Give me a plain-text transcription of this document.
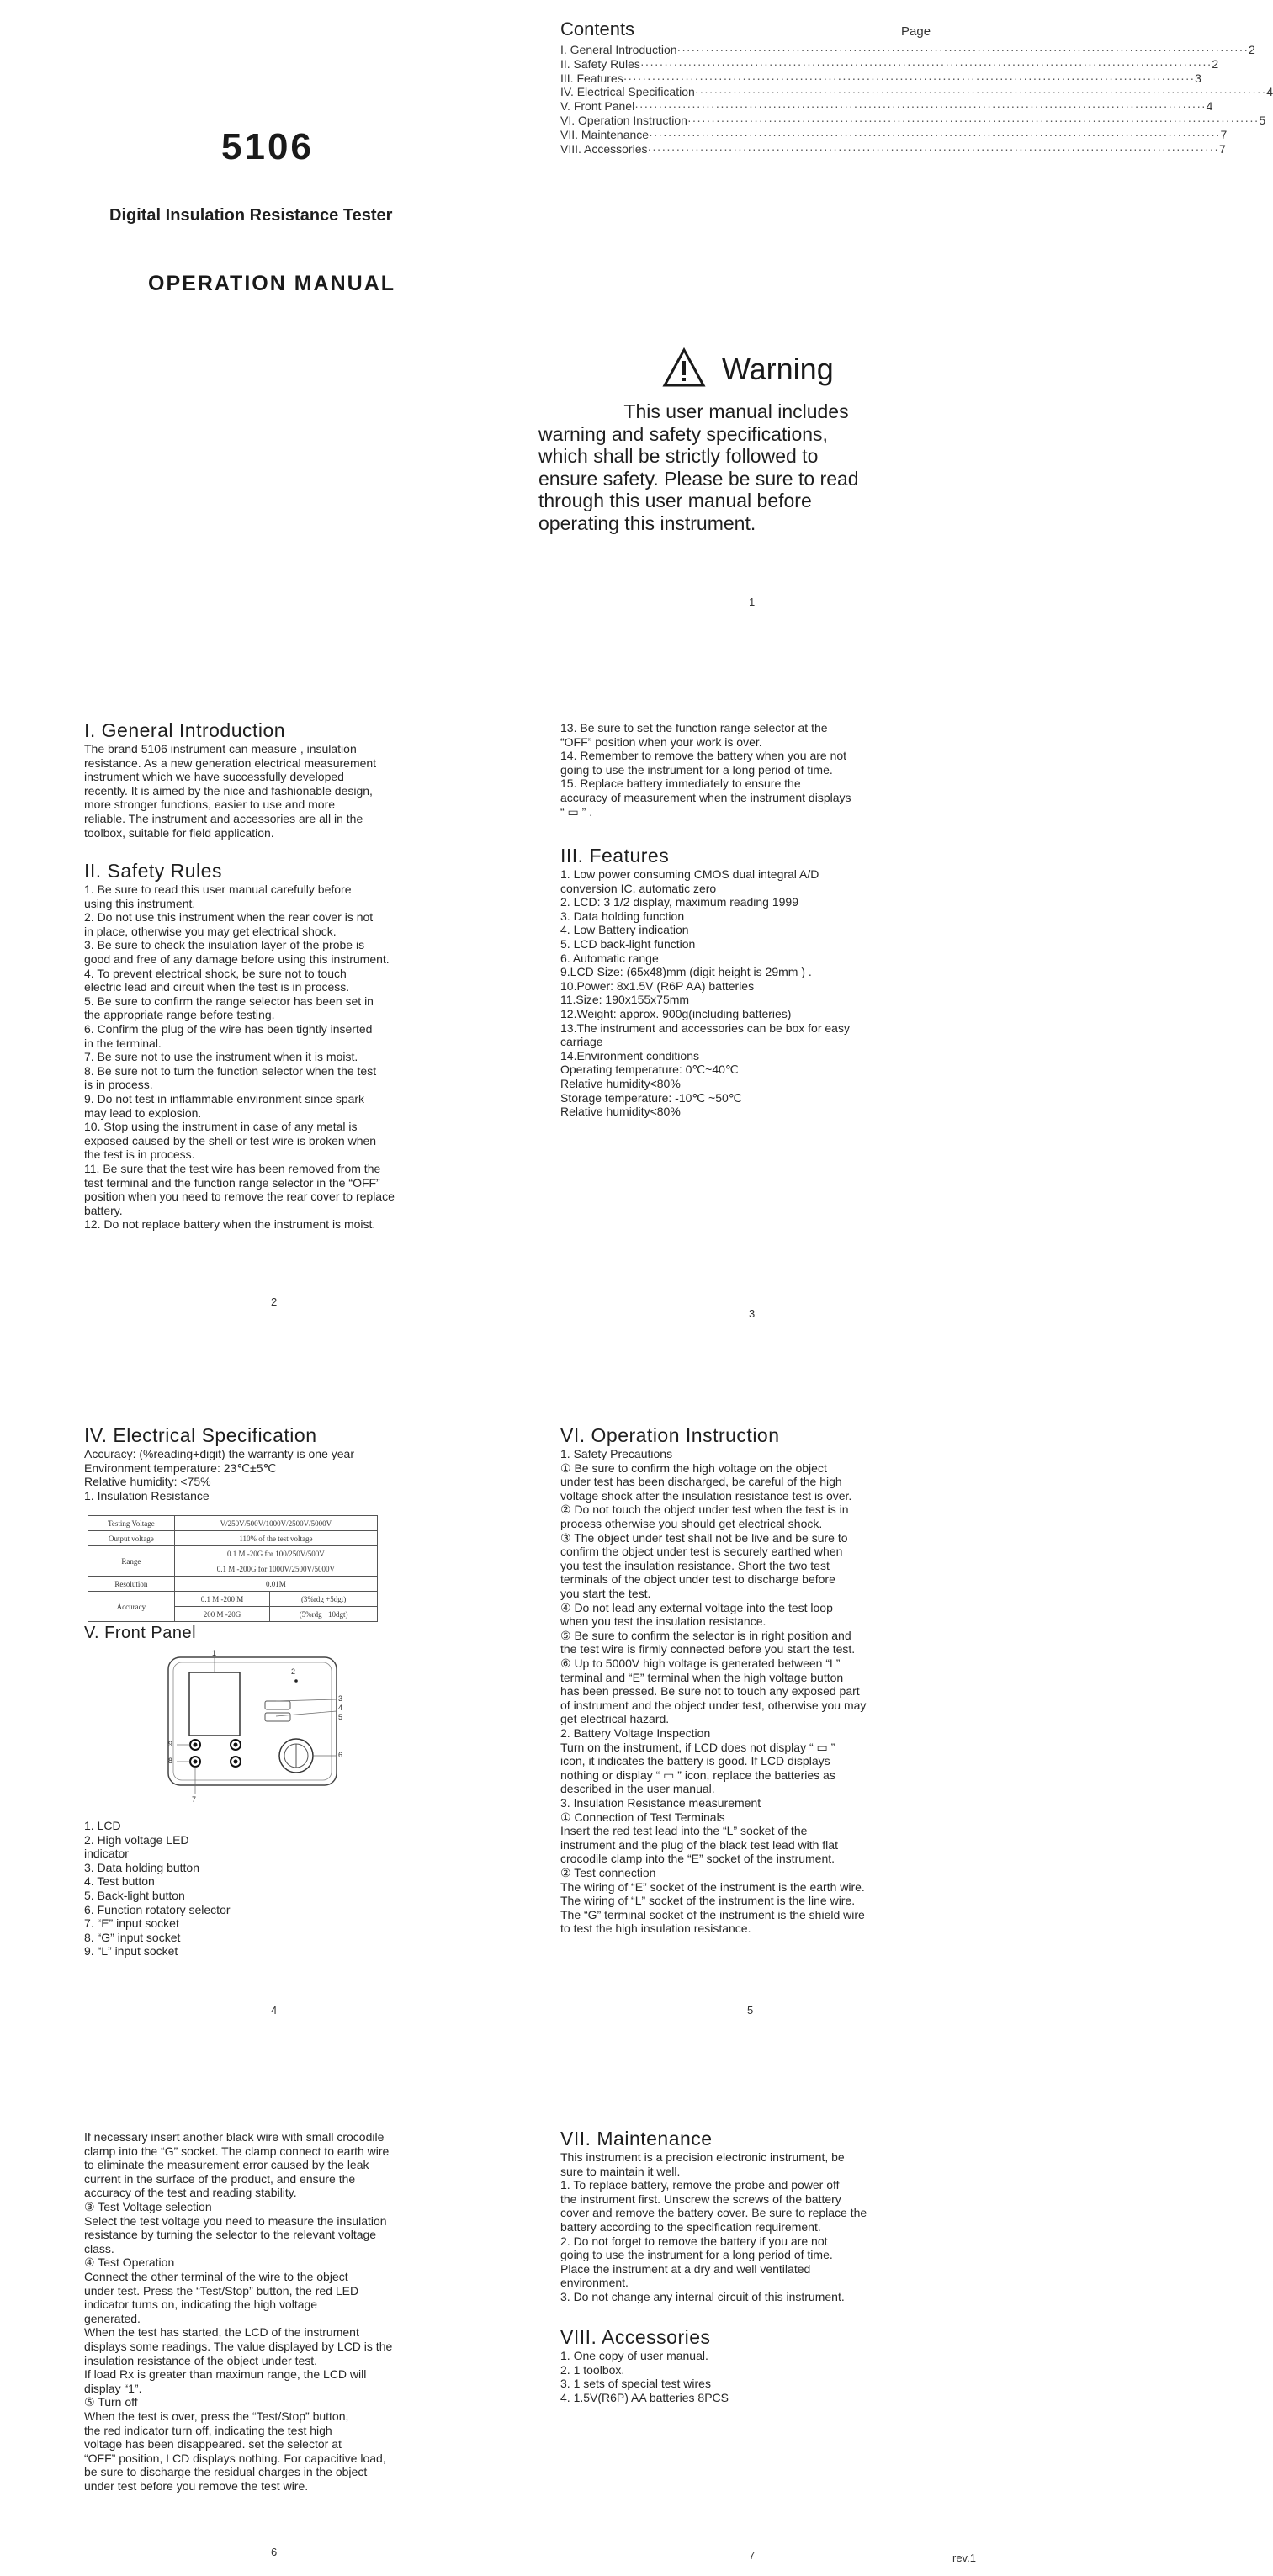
5106
Digital Insulation Resistance Tester
OPERATION MANUAL
Contents	Page
I. General Introduction ························································································································ 2
II. Safety Rules ························································································································ 2
III. Features ························································································································ 3
IV. Electrical Specification ························································································································ 4
V. Front Panel ························································································································ 4
VI. Operation Instruction ························································································································ 5
VII. Maintenance ························································································································ 7
VIII. Accessories ························································································································ 7
Warning
This user manual includes
warning and safety specifications,
which shall be strictly followed to
ensure safety. Please be sure to read
through this user manual before
operating this instrument.
1
2
3
4	5
6	7	rev.1
I. General Introduction
The brand 5106 instrument can measure , insulation
resistance. As a new generation electrical measurement
instrument which we have successfully developed
recently. It is aimed by the nice and fashionable design,
more stronger functions, easier to use and more
reliable. The instrument and accessories are all in the
toolbox, suitable for field application.
II. Safety Rules
1. Be sure to read this user manual carefully before
using this instrument.
2. Do not use this instrument when the rear cover is not
in place, otherwise you may get electrical shock.
3. Be sure to check the insulation layer of the probe is
good and free of any damage before using this instrument.
4. To prevent electrical shock, be sure not to touch
electric lead and circuit when the test is in process.
5. Be sure to confirm the range selector has been set in
the appropriate range before testing.
6. Confirm the plug of the wire has been tightly inserted
in the terminal.
7. Be sure not to use the instrument when it is moist.
8. Be sure not to turn the function selector when the test
is in process.
9. Do not test in inflammable environment since spark
may lead to explosion.
10. Stop using the instrument in case of any metal is
exposed caused by the shell or test wire is broken when
the test is in process.
11. Be sure that the test wire has been removed from the
test terminal and the function range selector in the “OFF”
position when you need to remove the rear cover to replace
battery.
12. Do not replace battery when the instrument is moist.
13. Be sure to set the function range selector at the
“OFF” position when your work is over.
14. Remember to remove the battery when you are not
going to use the instrument for a long period of time.
15. Replace battery immediately to ensure the
accuracy of measurement when the instrument displays
“ ▭ ” .
III. Features
1. Low power consuming CMOS dual integral A/D
conversion IC, automatic zero
2. LCD: 3 1/2 display, maximum reading 1999
3. Data holding function
4. Low Battery indication
5. LCD back-light function
6. Automatic range
9.LCD Size: (65x48)mm (digit height is 29mm ) .
10.Power: 8x1.5V (R6P AA) batteries
11.Size: 190x155x75mm
12.Weight: approx. 900g(including batteries)
13.The instrument and accessories can be box for easy
carriage
14.Environment conditions
Operating temperature: 0℃~40℃
Relative humidity<80%
Storage temperature: -10℃ ~50℃
Relative humidity<80%
IV. Electrical Specification
Accuracy: (%reading+digit) the warranty is one year
Environment temperature: 23℃±5℃
Relative humidity: <75%
1. Insulation Resistance
Testing Voltage	V/250V/500V/1000V/2500V/5000V	
Output voltage	110% of the test voltage	
Range	0.1 M -20G for 100/250V/500V	
	0.1 M -200G for 1000V/2500V/5000V	
Resolution	0.01M	
Accuracy	0.1 M -200 M	(3%rdg +5dgt)
	200 M -20G	(5%rdg +10dgt)
V. Front Panel
1
2
3
4
5
6
7
8
9
1. LCD
2. High voltage LED
indicator
3. Data holding button
4. Test button
5. Back-light button
6. Function rotatory selector
7. “E” input socket
8. “G” input socket
9. “L” input socket
VI. Operation Instruction
1. Safety Precautions
① Be sure to confirm the high voltage on the object
under test has been discharged, be careful of the high
voltage shock after the insulation resistance test is over.
② Do not touch the object under test when the test is in
process otherwise you should get electrical shock.
③ The object under test shall not be live and be sure to
confirm the object under test is securely earthed when
you test the insulation resistance. Short the two test
terminals of the object under test to discharge before
you start the test.
④ Do not lead any external voltage into the test loop
when you test the insulation resistance.
⑤ Be sure to confirm the selector is in right position and
the test wire is firmly connected before you start the test.
⑥ Up to 5000V high voltage is generated between “L”
terminal and “E” terminal when the high voltage button
has been pressed. Be sure not to touch any exposed part
of instrument and the object under test, otherwise you may
get electrical hazard.
2. Battery Voltage Inspection
Turn on the instrument, if LCD does not display “ ▭ ”
icon, it indicates the battery is good. If LCD displays
nothing or display “ ▭ ” icon, replace the batteries as
described in the user manual.
3. Insulation Resistance measurement
① Connection of Test Terminals
Insert the red test lead into the “L” socket of the
instrument and the plug of the black test lead with flat
crocodile clamp into the “E” socket of the instrument.
② Test connection
The wiring of “E” socket of the instrument is the earth wire.
The wiring of “L” socket of the instrument is the line wire.
The “G” terminal socket of the instrument is the shield wire
to test the high insulation resistance.
If necessary insert another black wire with small crocodile
clamp into the “G” socket. The clamp connect to earth wire
to eliminate the measurement error caused by the leak
current in the surface of the product, and ensure the
accuracy of the test and reading stability.
③ Test Voltage selection
Select the test voltage you need to measure the insulation
resistance by turning the selector to the relevant voltage
class.
④ Test Operation
Connect the other terminal of the wire to the object
under test. Press the “Test/Stop” button, the red LED
indicator turns on, indicating the high voltage
generated.
When the test has started, the LCD of the instrument
displays some readings. The value displayed by LCD is the
insulation resistance of the object under test.
If load Rx is greater than maximun range, the LCD will
display “1”.
⑤ Turn off
When the test is over, press the “Test/Stop” button,
the red indicator turn off, indicating the test high
voltage has been disappeared. set the selector at
“OFF” position, LCD displays nothing. For capacitive load,
be sure to discharge the residual charges in the object
under test before you remove the test wire.
VII. Maintenance
This instrument is a precision electronic instrument, be
sure to maintain it well.
1. To replace battery, remove the probe and power off
the instrument first. Unscrew the screws of the battery
cover and remove the battery cover. Be sure to replace the
battery according to the specification requirement.
2. Do not forget to remove the battery if you are not
going to use the instrument for a long period of time.
Place the instrument at a dry and well ventilated
environment.
3. Do not change any internal circuit of this instrument.
VIII. Accessories
1. One copy of user manual.
2. 1 toolbox.
3. 1 sets of special test wires
4. 1.5V(R6P) AA batteries 8PCS
